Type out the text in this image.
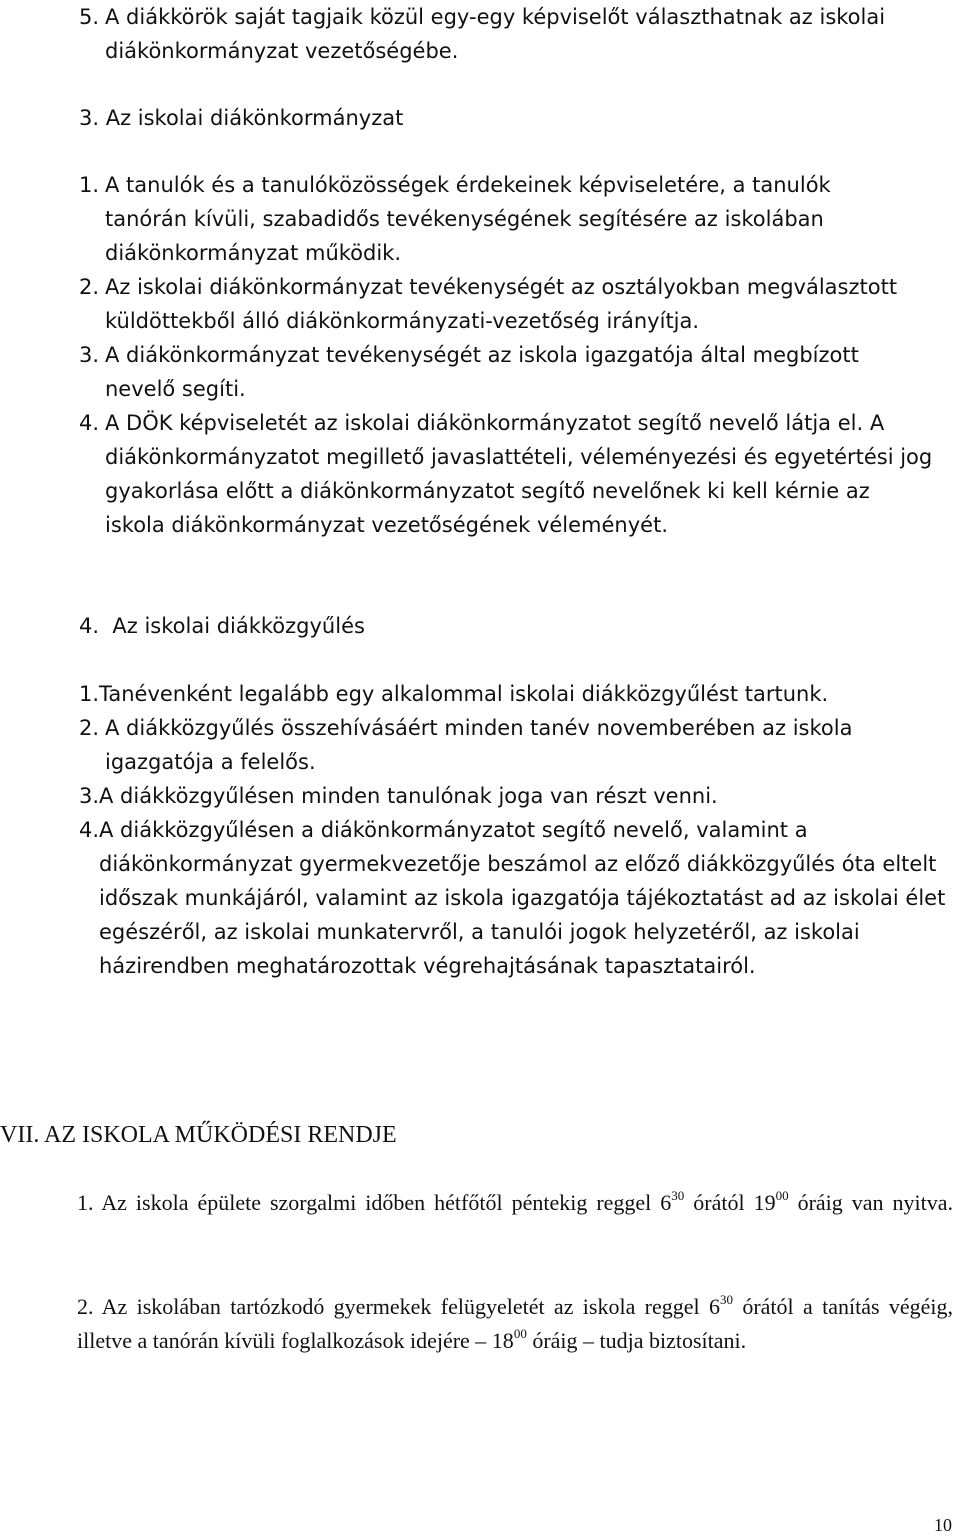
5. A diákkörök saját tagjaik közül egy-egy képviselőt választhatnak az iskolai diákönkormányzat vezetőségébe.
3. Az iskolai diákönkormányzat
1. A tanulók és a tanulóközösségek érdekeinek képviseletére, a tanulók tanórán kívüli, szabadidős tevékenységének segítésére az iskolában diákönkormányzat működik.
2. Az iskolai diákönkormányzat tevékenységét az osztályokban megválasztott küldöttekből álló diákönkormányzati-vezetőség irányítja.
3. A diákönkormányzat tevékenységét az iskola igazgatója által megbízott nevelő segíti.
4. A DÖK képviseletét az iskolai diákönkormányzatot segítő nevelő látja el. A diákönkormányzatot megillető javaslattételi, véleményezési és egyetértési jog gyakorlása előtt a diákönkormányzatot segítő nevelőnek ki kell kérnie az iskola diákönkormányzat vezetőségének véleményét.
4.  Az iskolai diákközgyűlés
1. Tanévenként legalább egy alkalommal iskolai diákközgyűlést tartunk.
2. A diákközgyűlés összehívásáért minden tanév novemberében az iskola igazgatója a felelős.
3. A diákközgyűlésen minden tanulónak joga van részt venni.
4. A diákközgyűlésen a diákönkormányzatot segítő nevelő, valamint a diákönkormányzat gyermekvezetője beszámol az előző diákközgyűlés óta eltelt időszak munkájáról, valamint az iskola igazgatója tájékoztatást ad az iskolai élet egészéről, az iskolai munkatervről, a tanulói jogok helyzetéről, az iskolai házirendben meghatározottak végrehajtásának tapasztatairól.
VII. AZ ISKOLA MŰKÖDÉSI RENDJE
1. Az iskola épülete szorgalmi időben hétfőtől péntekig reggel $6^{30}$ órától $19^{00}$ óráig van nyitva.
2. Az iskolában tartózkodó gyermekek felügyeletét az iskola reggel $6^{30}$ órától a tanítás végéig, illetve a tanórán kívüli foglalkozások idejére – $18^{00}$ óráig – tudja biztosítani.
10
